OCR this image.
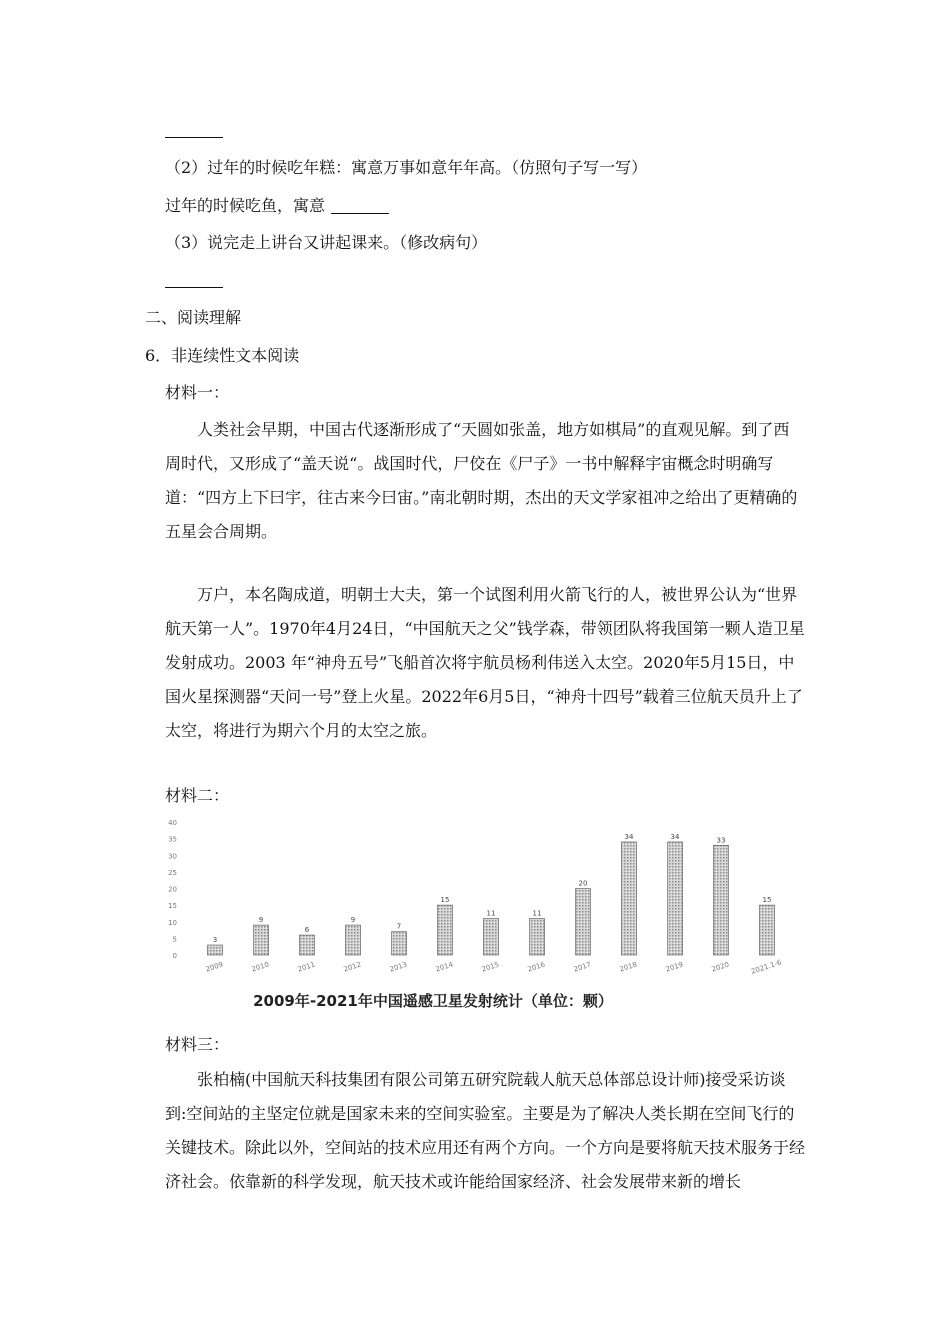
（2）过年的时候吃年糕：寓意万事如意年年高。（仿照句子写一写）
过年的时候吃鱼，寓意
（3）说完走上讲台又讲起课来。（修改病句）
二、阅读理解
6．非连续性文本阅读
材料一：
人类社会早期，中国古代逐渐形成了“天圆如张盖，地方如棋局”的直观见解。到了西周时代，又形成了“盖天说“。战国时代，尸佼在《尸子》一书中解释宇宙概念时明确写道：“四方上下曰宇，往古来今曰宙。”南北朝时期，杰出的天文学家祖冲之给出了更精确的五星会合周期。
万户，本名陶成道，明朝士大夫，第一个试图利用火箭飞行的人，被世界公认为“世界航天第一人”。1970年4月24日，“中国航天之父”钱学森，带领团队将我国第一颗人造卫星发射成功。2003 年“神舟五号”飞船首次将宇航员杨利伟送入太空。2020年5月15日，中国火星探测器“天问一号”登上火星。2022年6月5日，“神舟十四号”载着三位航天员升上了太空，将进行为期六个月的太空之旅。
材料二：
0
5
10
15
20
25
30
35
40
3
9
6
9
7
15
11	11
20
34	34	33
15
2009	2010	2011	2012	2013	2014	2015	2016	2017	2018	2019	2020	2021.1-6
2009年-2021年中国遥感卫星发射统计（单位：颗）
材料三：
张柏楠(中国航天科技集团有限公司第五研究院载人航天总体部总设计师)接受采访谈到:空间站的主坚定位就是国家未来的空间实验室。主要是为了解决人类长期在空间飞行的关键技术。除此以外，空间站的技术应用还有两个方向。一个方向是要将航天技术服务于经济社会。依靠新的科学发现，航天技术或许能给国家经济、社会发展带来新的增长
